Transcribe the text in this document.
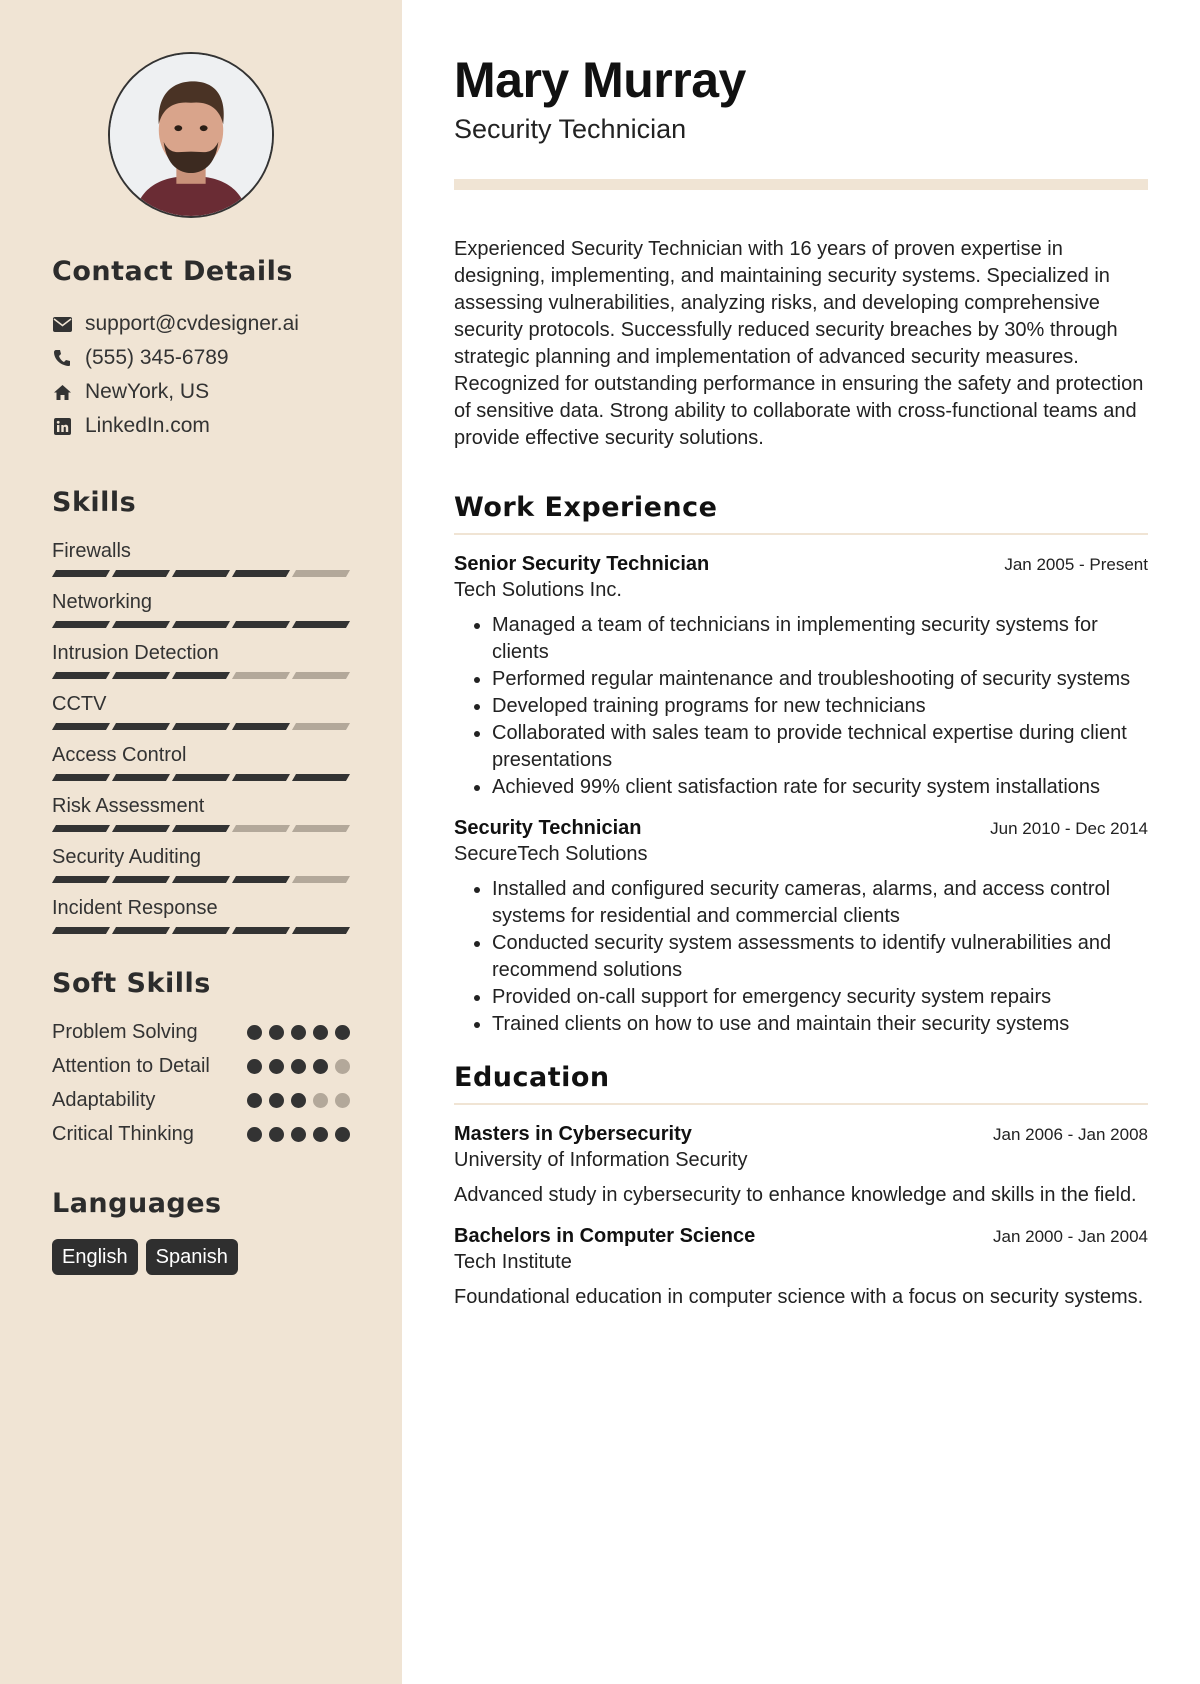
Contact Details
support@cvdesigner.ai
(555) 345-6789
NewYork, US
LinkedIn.com
Skills
Firewalls
Networking
Intrusion Detection
CCTV
Access Control
Risk Assessment
Security Auditing
Incident Response
Soft Skills
Problem Solving
Attention to Detail
Adaptability
Critical Thinking
Languages
English	Spanish
Mary Murray
Security Technician

Experienced Security Technician with 16 years of proven expertise in designing, implementing, and maintaining security systems. Specialized in assessing vulnerabilities, analyzing risks, and developing comprehensive security protocols. Successfully reduced security breaches by 30% through strategic planning and implementation of advanced security measures. Recognized for outstanding performance in ensuring the safety and protection of sensitive data. Strong ability to collaborate with cross-functional teams and provide effective security solutions.

Work Experience
Senior Security Technician	Jan 2005 - Present
Tech Solutions Inc.
• Managed a team of technicians in implementing security systems for clients
• Performed regular maintenance and troubleshooting of security systems
• Developed training programs for new technicians
• Collaborated with sales team to provide technical expertise during client presentations
• Achieved 99% client satisfaction rate for security system installations
Security Technician	Jun 2010 - Dec 2014
SecureTech Solutions
• Installed and configured security cameras, alarms, and access control systems for residential and commercial clients
• Conducted security system assessments to identify vulnerabilities and recommend solutions
• Provided on-call support for emergency security system repairs
• Trained clients on how to use and maintain their security systems
Education
Masters in Cybersecurity	Jan 2006 - Jan 2008
University of Information Security

Advanced study in cybersecurity to enhance knowledge and skills in the field.

Bachelors in Computer Science	Jan 2000 - Jan 2004
Tech Institute

Foundational education in computer science with a focus on security systems.
